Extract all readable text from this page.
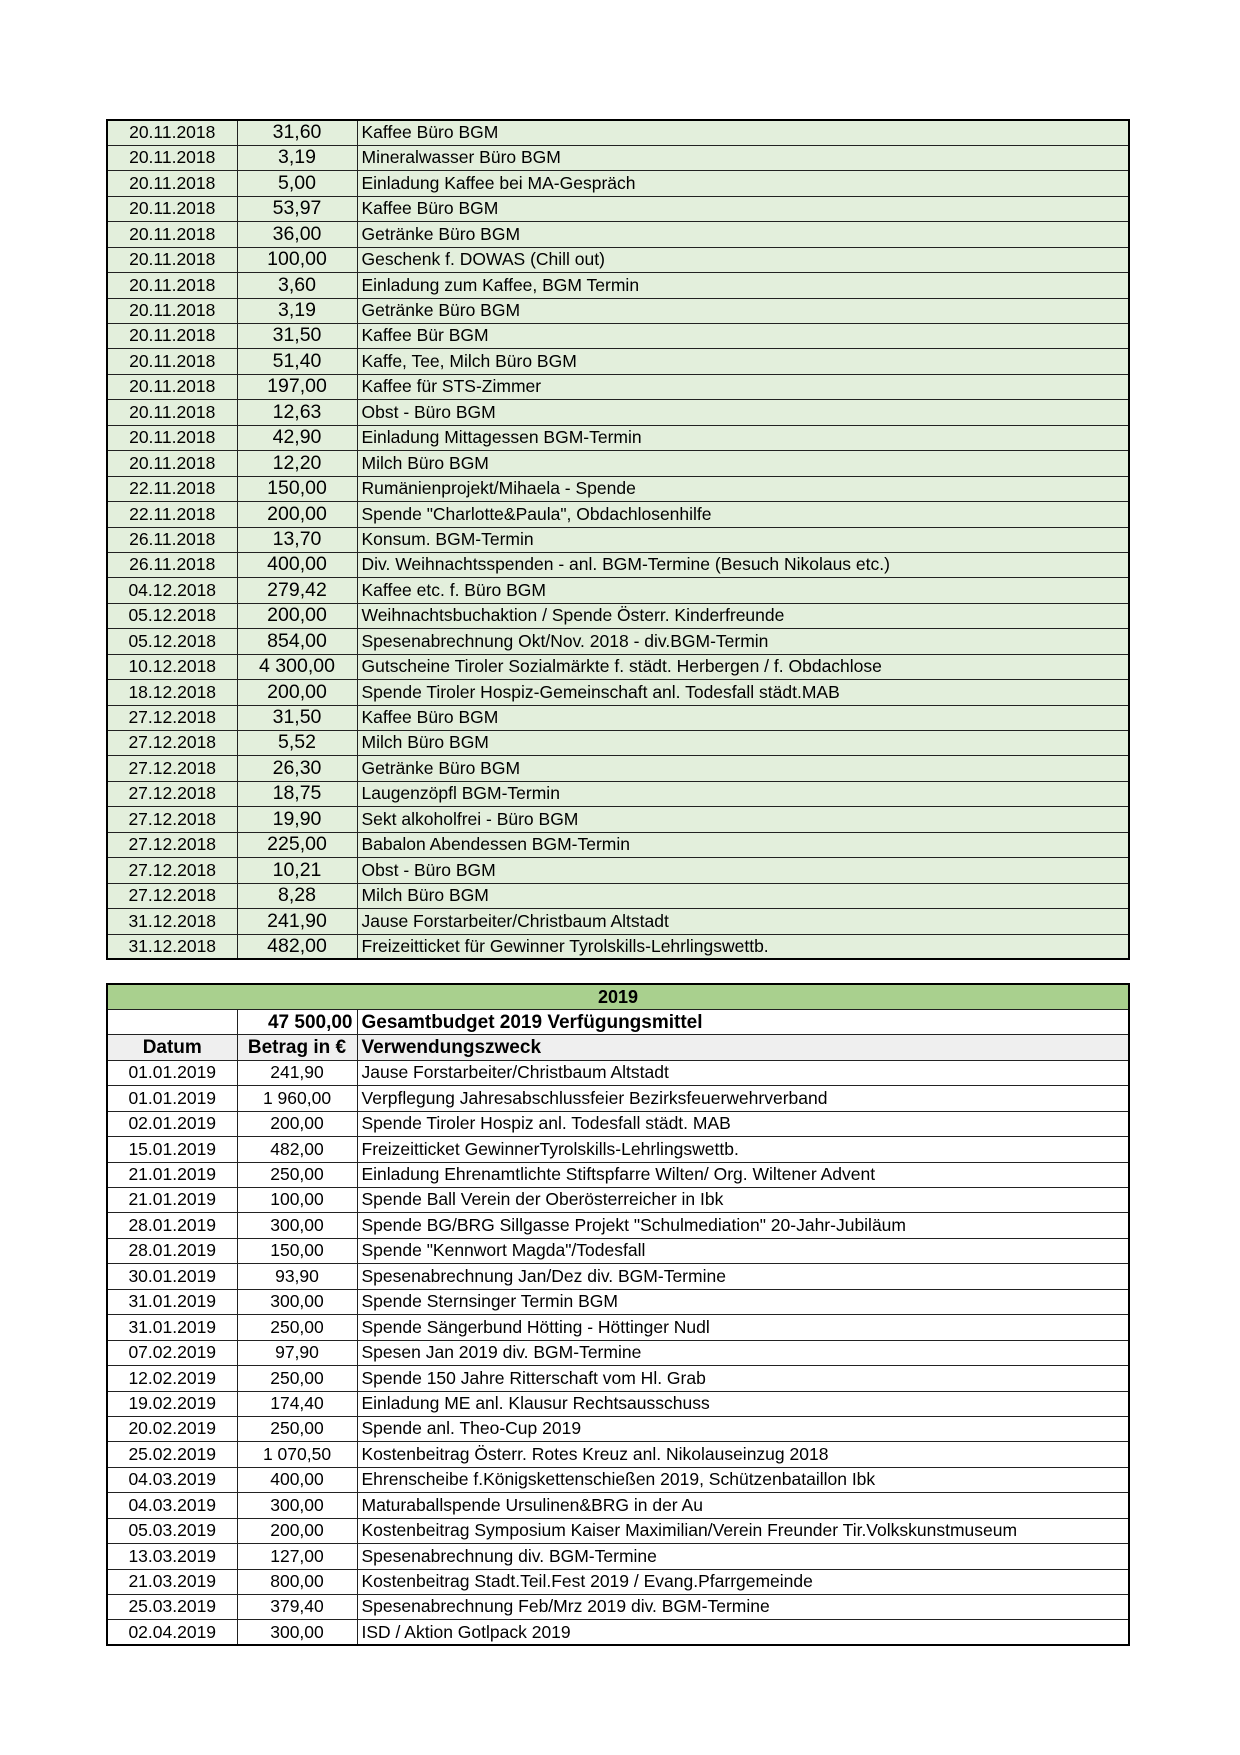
20.11.2018	31,60	Kaffee Büro BGM
20.11.2018	3,19	Mineralwasser Büro BGM
20.11.2018	5,00	Einladung Kaffee bei MA-Gespräch
20.11.2018	53,97	Kaffee Büro BGM
20.11.2018	36,00	Getränke Büro BGM
20.11.2018	100,00	Geschenk f. DOWAS (Chill out)
20.11.2018	3,60	Einladung zum Kaffee, BGM Termin
20.11.2018	3,19	Getränke Büro BGM
20.11.2018	31,50	Kaffee Bür BGM
20.11.2018	51,40	Kaffe, Tee, Milch Büro BGM
20.11.2018	197,00	Kaffee für STS-Zimmer
20.11.2018	12,63	Obst - Büro BGM
20.11.2018	42,90	Einladung Mittagessen BGM-Termin
20.11.2018	12,20	Milch Büro BGM
22.11.2018	150,00	Rumänienprojekt/Mihaela - Spende
22.11.2018	200,00	Spende "Charlotte&Paula", Obdachlosenhilfe
26.11.2018	13,70	Konsum. BGM-Termin
26.11.2018	400,00	Div. Weihnachtsspenden - anl. BGM-Termine (Besuch Nikolaus etc.)
04.12.2018	279,42	Kaffee etc. f. Büro BGM
05.12.2018	200,00	Weihnachtsbuchaktion / Spende Österr. Kinderfreunde
05.12.2018	854,00	Spesenabrechnung Okt/Nov. 2018 - div.BGM-Termin
10.12.2018	4 300,00	Gutscheine Tiroler Sozialmärkte f. städt. Herbergen / f. Obdachlose
18.12.2018	200,00	Spende Tiroler Hospiz-Gemeinschaft anl. Todesfall städt.MAB
27.12.2018	31,50	Kaffee Büro BGM
27.12.2018	5,52	Milch Büro BGM
27.12.2018	26,30	Getränke Büro BGM
27.12.2018	18,75	Laugenzöpfl BGM-Termin
27.12.2018	19,90	Sekt alkoholfrei - Büro BGM
27.12.2018	225,00	Babalon Abendessen BGM-Termin
27.12.2018	10,21	Obst - Büro BGM
27.12.2018	8,28	Milch Büro BGM
31.12.2018	241,90	Jause Forstarbeiter/Christbaum Altstadt
31.12.2018	482,00	Freizeitticket für Gewinner Tyrolskills-Lehrlingswettb.
2019		
	47 500,00	Gesamtbudget 2019 Verfügungsmittel
Datum	Betrag in €	Verwendungszweck
01.01.2019	241,90	Jause Forstarbeiter/Christbaum Altstadt
01.01.2019	1 960,00	Verpflegung Jahresabschlussfeier Bezirksfeuerwehrverband
02.01.2019	200,00	Spende Tiroler Hospiz anl. Todesfall städt. MAB
15.01.2019	482,00	Freizeitticket GewinnerTyrolskills-Lehrlingswettb.
21.01.2019	250,00	Einladung Ehrenamtlichte Stiftspfarre Wilten/ Org. Wiltener Advent
21.01.2019	100,00	Spende Ball Verein der Oberösterreicher in Ibk
28.01.2019	300,00	Spende BG/BRG Sillgasse Projekt "Schulmediation" 20-Jahr-Jubiläum
28.01.2019	150,00	Spende "Kennwort Magda"/Todesfall
30.01.2019	93,90	Spesenabrechnung Jan/Dez div. BGM-Termine
31.01.2019	300,00	Spende Sternsinger Termin BGM
31.01.2019	250,00	Spende Sängerbund Hötting - Höttinger Nudl
07.02.2019	97,90	Spesen Jan 2019 div. BGM-Termine
12.02.2019	250,00	Spende 150 Jahre Ritterschaft vom Hl. Grab
19.02.2019	174,40	Einladung ME anl. Klausur Rechtsausschuss
20.02.2019	250,00	Spende anl. Theo-Cup 2019
25.02.2019	1 070,50	Kostenbeitrag Österr. Rotes Kreuz anl. Nikolauseinzug 2018
04.03.2019	400,00	Ehrenscheibe f.Königskettenschießen 2019, Schützenbataillon Ibk
04.03.2019	300,00	Maturaballspende Ursulinen&BRG in der Au
05.03.2019	200,00	Kostenbeitrag Symposium Kaiser Maximilian/Verein Freunder Tir.Volkskunstmuseum
13.03.2019	127,00	Spesenabrechnung div. BGM-Termine
21.03.2019	800,00	Kostenbeitrag Stadt.Teil.Fest 2019 / Evang.Pfarrgemeinde
25.03.2019	379,40	Spesenabrechnung Feb/Mrz 2019 div. BGM-Termine
02.04.2019	300,00	ISD / Aktion Gotlpack 2019
